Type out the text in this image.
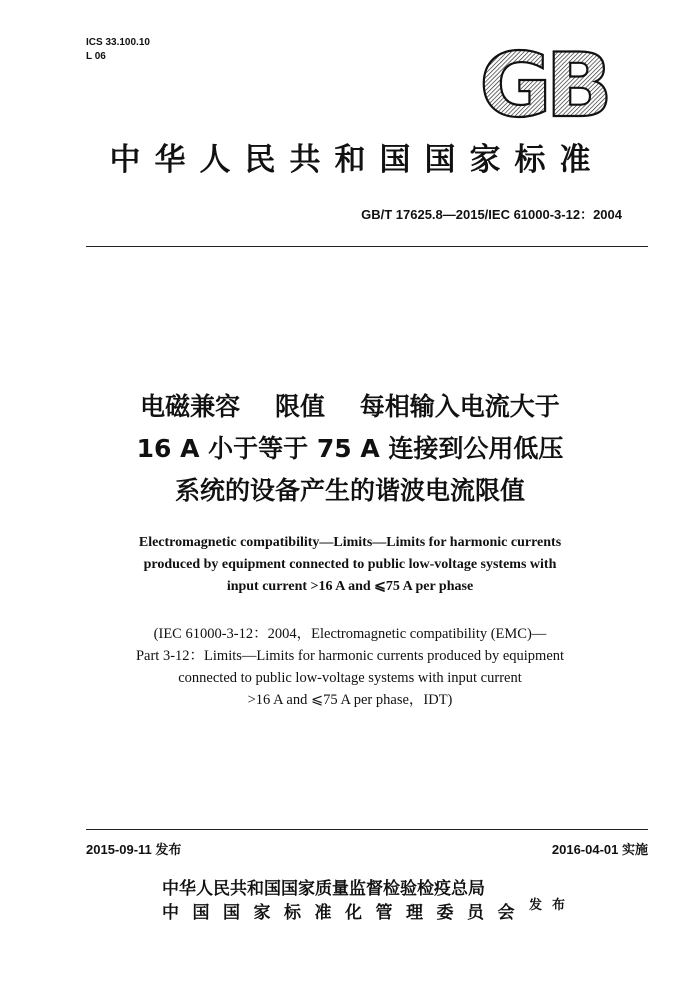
ICS 33.100.10
L 06	GB
中华人民共和国国家标准
GB/T 17625.8—2015/IEC 61000-3-12：2004
电磁兼容    限值    每相输入电流大于
16 A 小于等于 75 A 连接到公用低压
系统的设备产生的谐波电流限值
Electromagnetic compatibility—Limits—Limits for harmonic currents
produced by equipment connected to public low-voltage systems with
input current >16 A and ⩽75 A per phase
(IEC 61000-3-12：2004，Electromagnetic compatibility (EMC)—
Part 3-12：Limits—Limits for harmonic currents produced by equipment
connected to public low-voltage systems with input current
>16 A and ⩽75 A per phase，IDT)
2015-09-11 发布	2016-04-01 实施
中华人民共和国国家质量监督检验检疫总局
中国国家标准化管理委员会 发布
